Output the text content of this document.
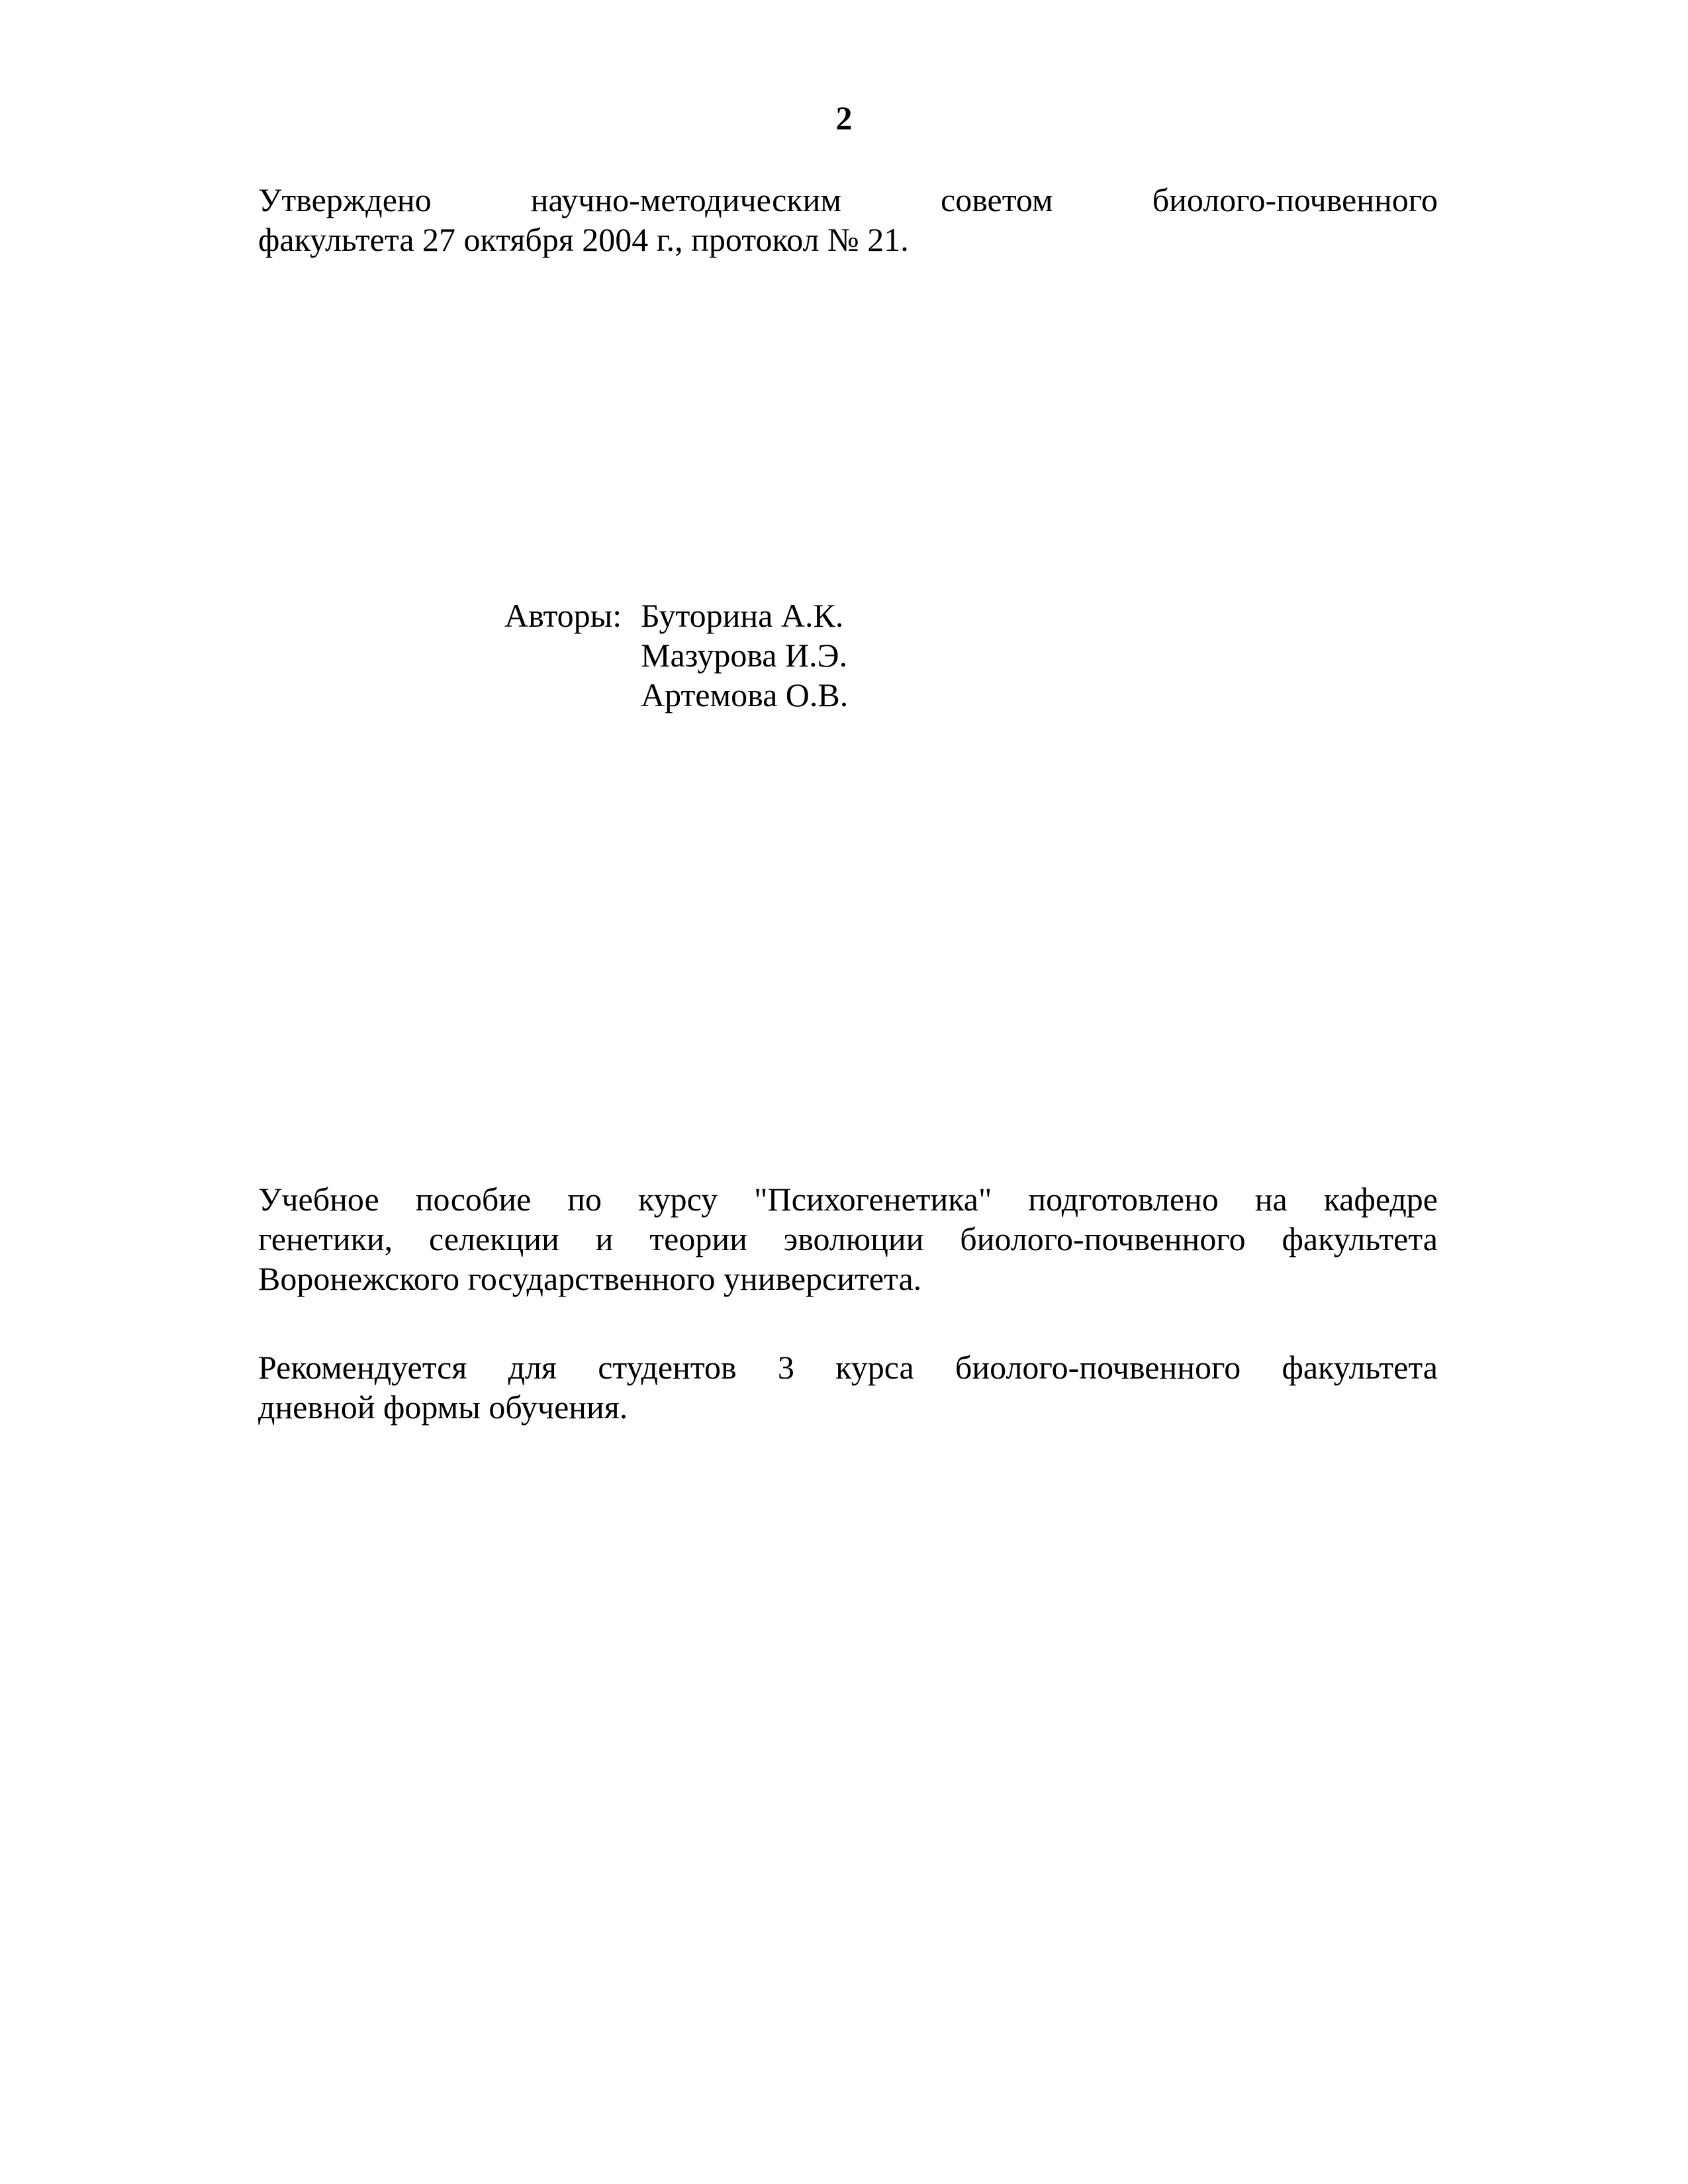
2
Утверждено научно-методическим советом биолого-почвенного
факультета 27 октября 2004 г., протокол № 21.
Авторы: Буторина А.К.
Мазурова И.Э.
Артемова О.В.
Учебное пособие по курсу "Психогенетика" подготовлено на кафедре
генетики, селекции и теории эволюции биолого-почвенного факультета
Воронежского государственного университета.
Рекомендуется для студентов 3 курса биолого-почвенного факультета
дневной формы обучения.
